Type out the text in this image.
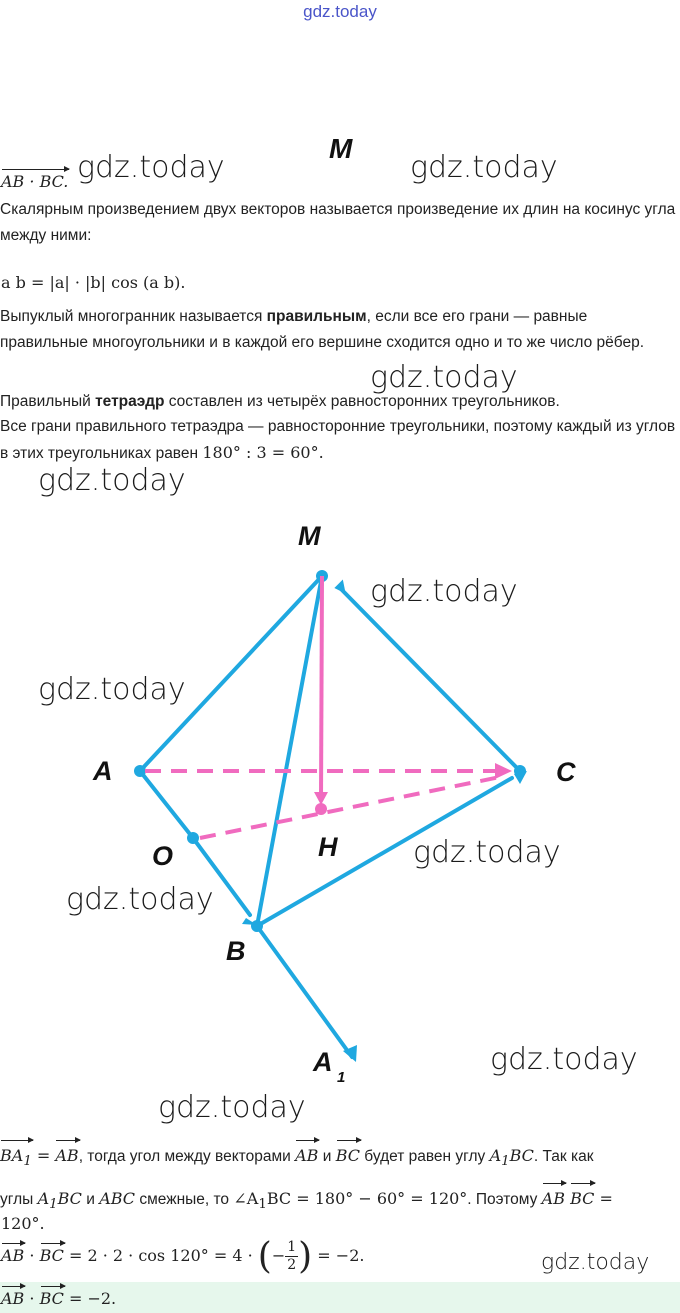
gdz.today
gdz.today	gdz.today
gdz.today
gdz.today
gdz.today
gdz.today
gdz.today
gdz.today
gdz.today
gdz.today
gdz.today
M
AB · BC.
Скалярным произведением двух векторов называется произведение их длин на косинус угла между ними:
a b = |a| · |b| cos (a b).
Выпуклый многогранник называется правильным, если все его грани — равные правильные многоугольники и в каждой его вершине сходится одно и то же число рёбер.
Правильный тетраэдр составлен из четырёх равносторонних треугольников.
Все грани правильного тетраэдра — равносторонние треугольники, поэтому каждый из углов в этих треугольниках равен 180° : 3 = 60°.
M
A	C
O	H
B
A
1
$BA_1$ = AB, тогда угол между векторами AB и BC будет равен углу $A_1BC$. Так как
углы $A_1BC$ и ABC смежные, то $\angle A_1BC = 180^\circ - 60^\circ = 120^\circ$. Поэтому AB BC =
120°.
AB · BC = 2 · 2 · cos 120° = 4 · (− $\frac{1}{2}$ ) = −2.
AB · BC = −2.
